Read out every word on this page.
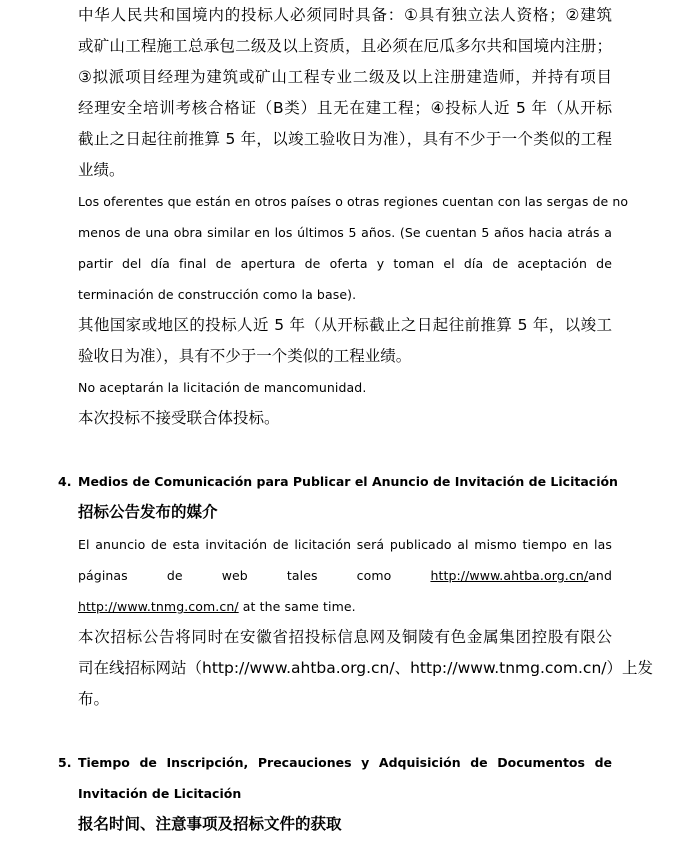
中华人民共和国境内的投标人必须同时具备：①具有独立法人资格；②建筑
或矿山工程施工总承包二级及以上资质，且必须在厄瓜多尔共和国境内注册；
③拟派项目经理为建筑或矿山工程专业二级及以上注册建造师，并持有项目
经理安全培训考核合格证（B类）且无在建工程；④投标人近 5 年（从开标
截止之日起往前推算 5 年，以竣工验收日为准），具有不少于一个类似的工程
业绩。
Los oferentes que están en otros países o otras regiones cuentan con las sergas de no
menos de una obra similar en los últimos 5 años. (Se cuentan 5 años hacia atrás a
partir del día final de apertura de oferta y toman el día de aceptación de
terminación de construcción como la base).
其他国家或地区的投标人近 5 年（从开标截止之日起往前推算 5 年，以竣工
验收日为准），具有不少于一个类似的工程业绩。
No aceptarán la licitación de mancomunidad.
本次投标不接受联合体投标。
4. Medios de Comunicación para Publicar el Anuncio de Invitación de Licitación
招标公告发布的媒介
El anuncio de esta invitación de licitación será publicado al mismo tiempo en las
páginas	de	web	tales	como	http://www.ahtba.org.cn/and
http://www.tnmg.com.cn/ at the same time.
本次招标公告将同时在安徽省招投标信息网及铜陵有色金属集团控股有限公
司在线招标网站（http://www.ahtba.org.cn/、http://www.tnmg.com.cn/）上发
布。
5. Tiempo de Inscripción, Precauciones y Adquisición de Documentos de
Invitación de Licitación
报名时间、注意事项及招标文件的获取
